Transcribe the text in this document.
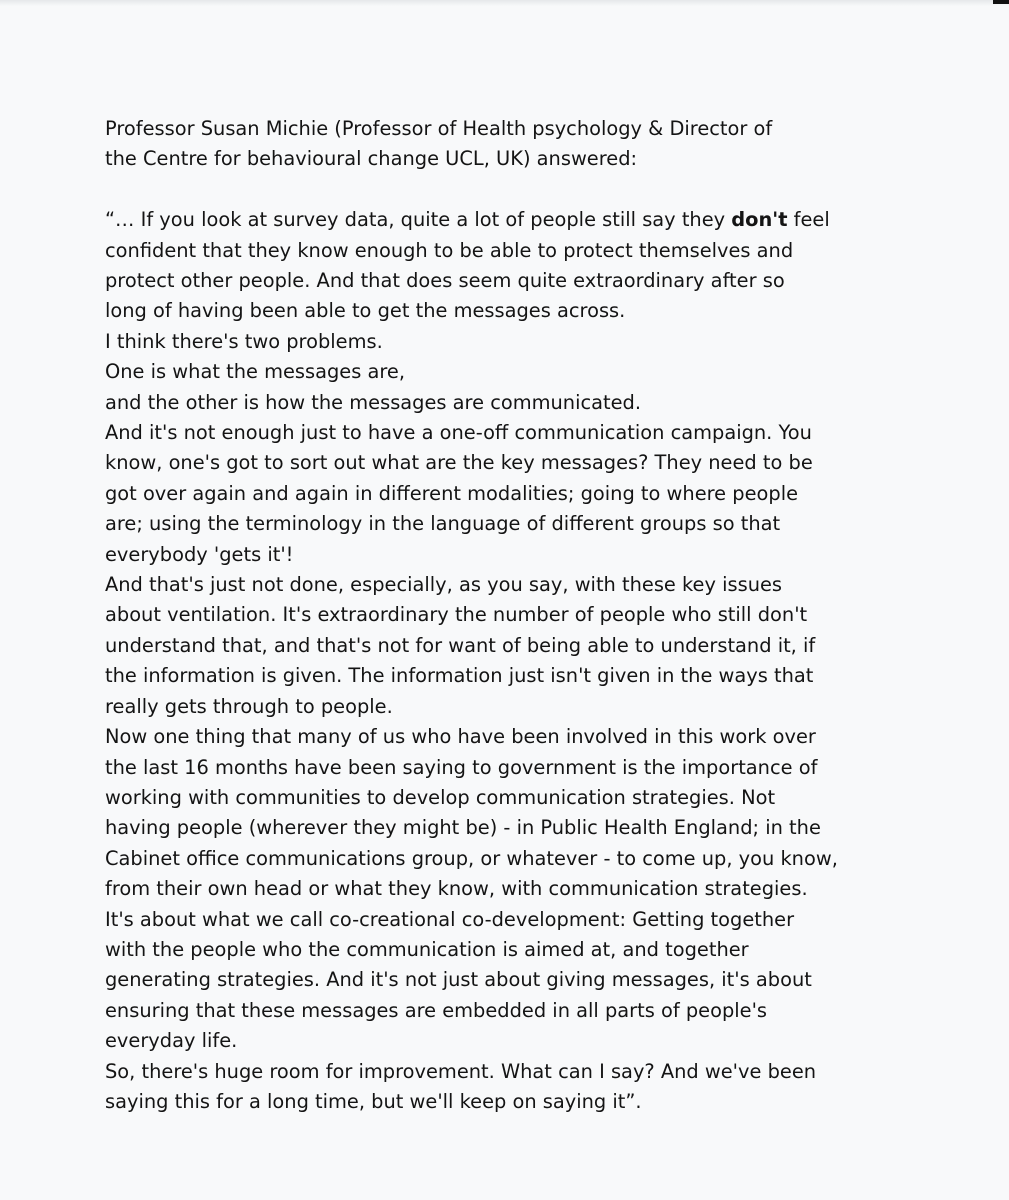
Professor Susan Michie (Professor of Health psychology & Director of

the Centre for behavioural change UCL, UK) answered:

“… If you look at survey data, quite a lot of people still say they don't feel

confident that they know enough to be able to protect themselves and

protect other people. And that does seem quite extraordinary after so

long of having been able to get the messages across.

I think there's two problems.

One is what the messages are,

and the other is how the messages are communicated.

And it's not enough just to have a one-off communication campaign. You

know, one's got to sort out what are the key messages? They need to be

got over again and again in different modalities; going to where people

are; using the terminology in the language of different groups so that

everybody 'gets it'!

And that's just not done, especially, as you say, with these key issues

about ventilation. It's extraordinary the number of people who still don't

understand that, and that's not for want of being able to understand it, if

the information is given. The information just isn't given in the ways that

really gets through to people.

Now one thing that many of us who have been involved in this work over

the last 16 months have been saying to government is the importance of

working with communities to develop communication strategies. Not

having people (wherever they might be) - in Public Health England; in the

Cabinet office communications group, or whatever - to come up, you know,

from their own head or what they know, with communication strategies.

It's about what we call co-creational co-development: Getting together

with the people who the communication is aimed at, and together

generating strategies. And it's not just about giving messages, it's about

ensuring that these messages are embedded in all parts of people's

everyday life.

So, there's huge room for improvement. What can I say? And we've been

saying this for a long time, but we'll keep on saying it”.
